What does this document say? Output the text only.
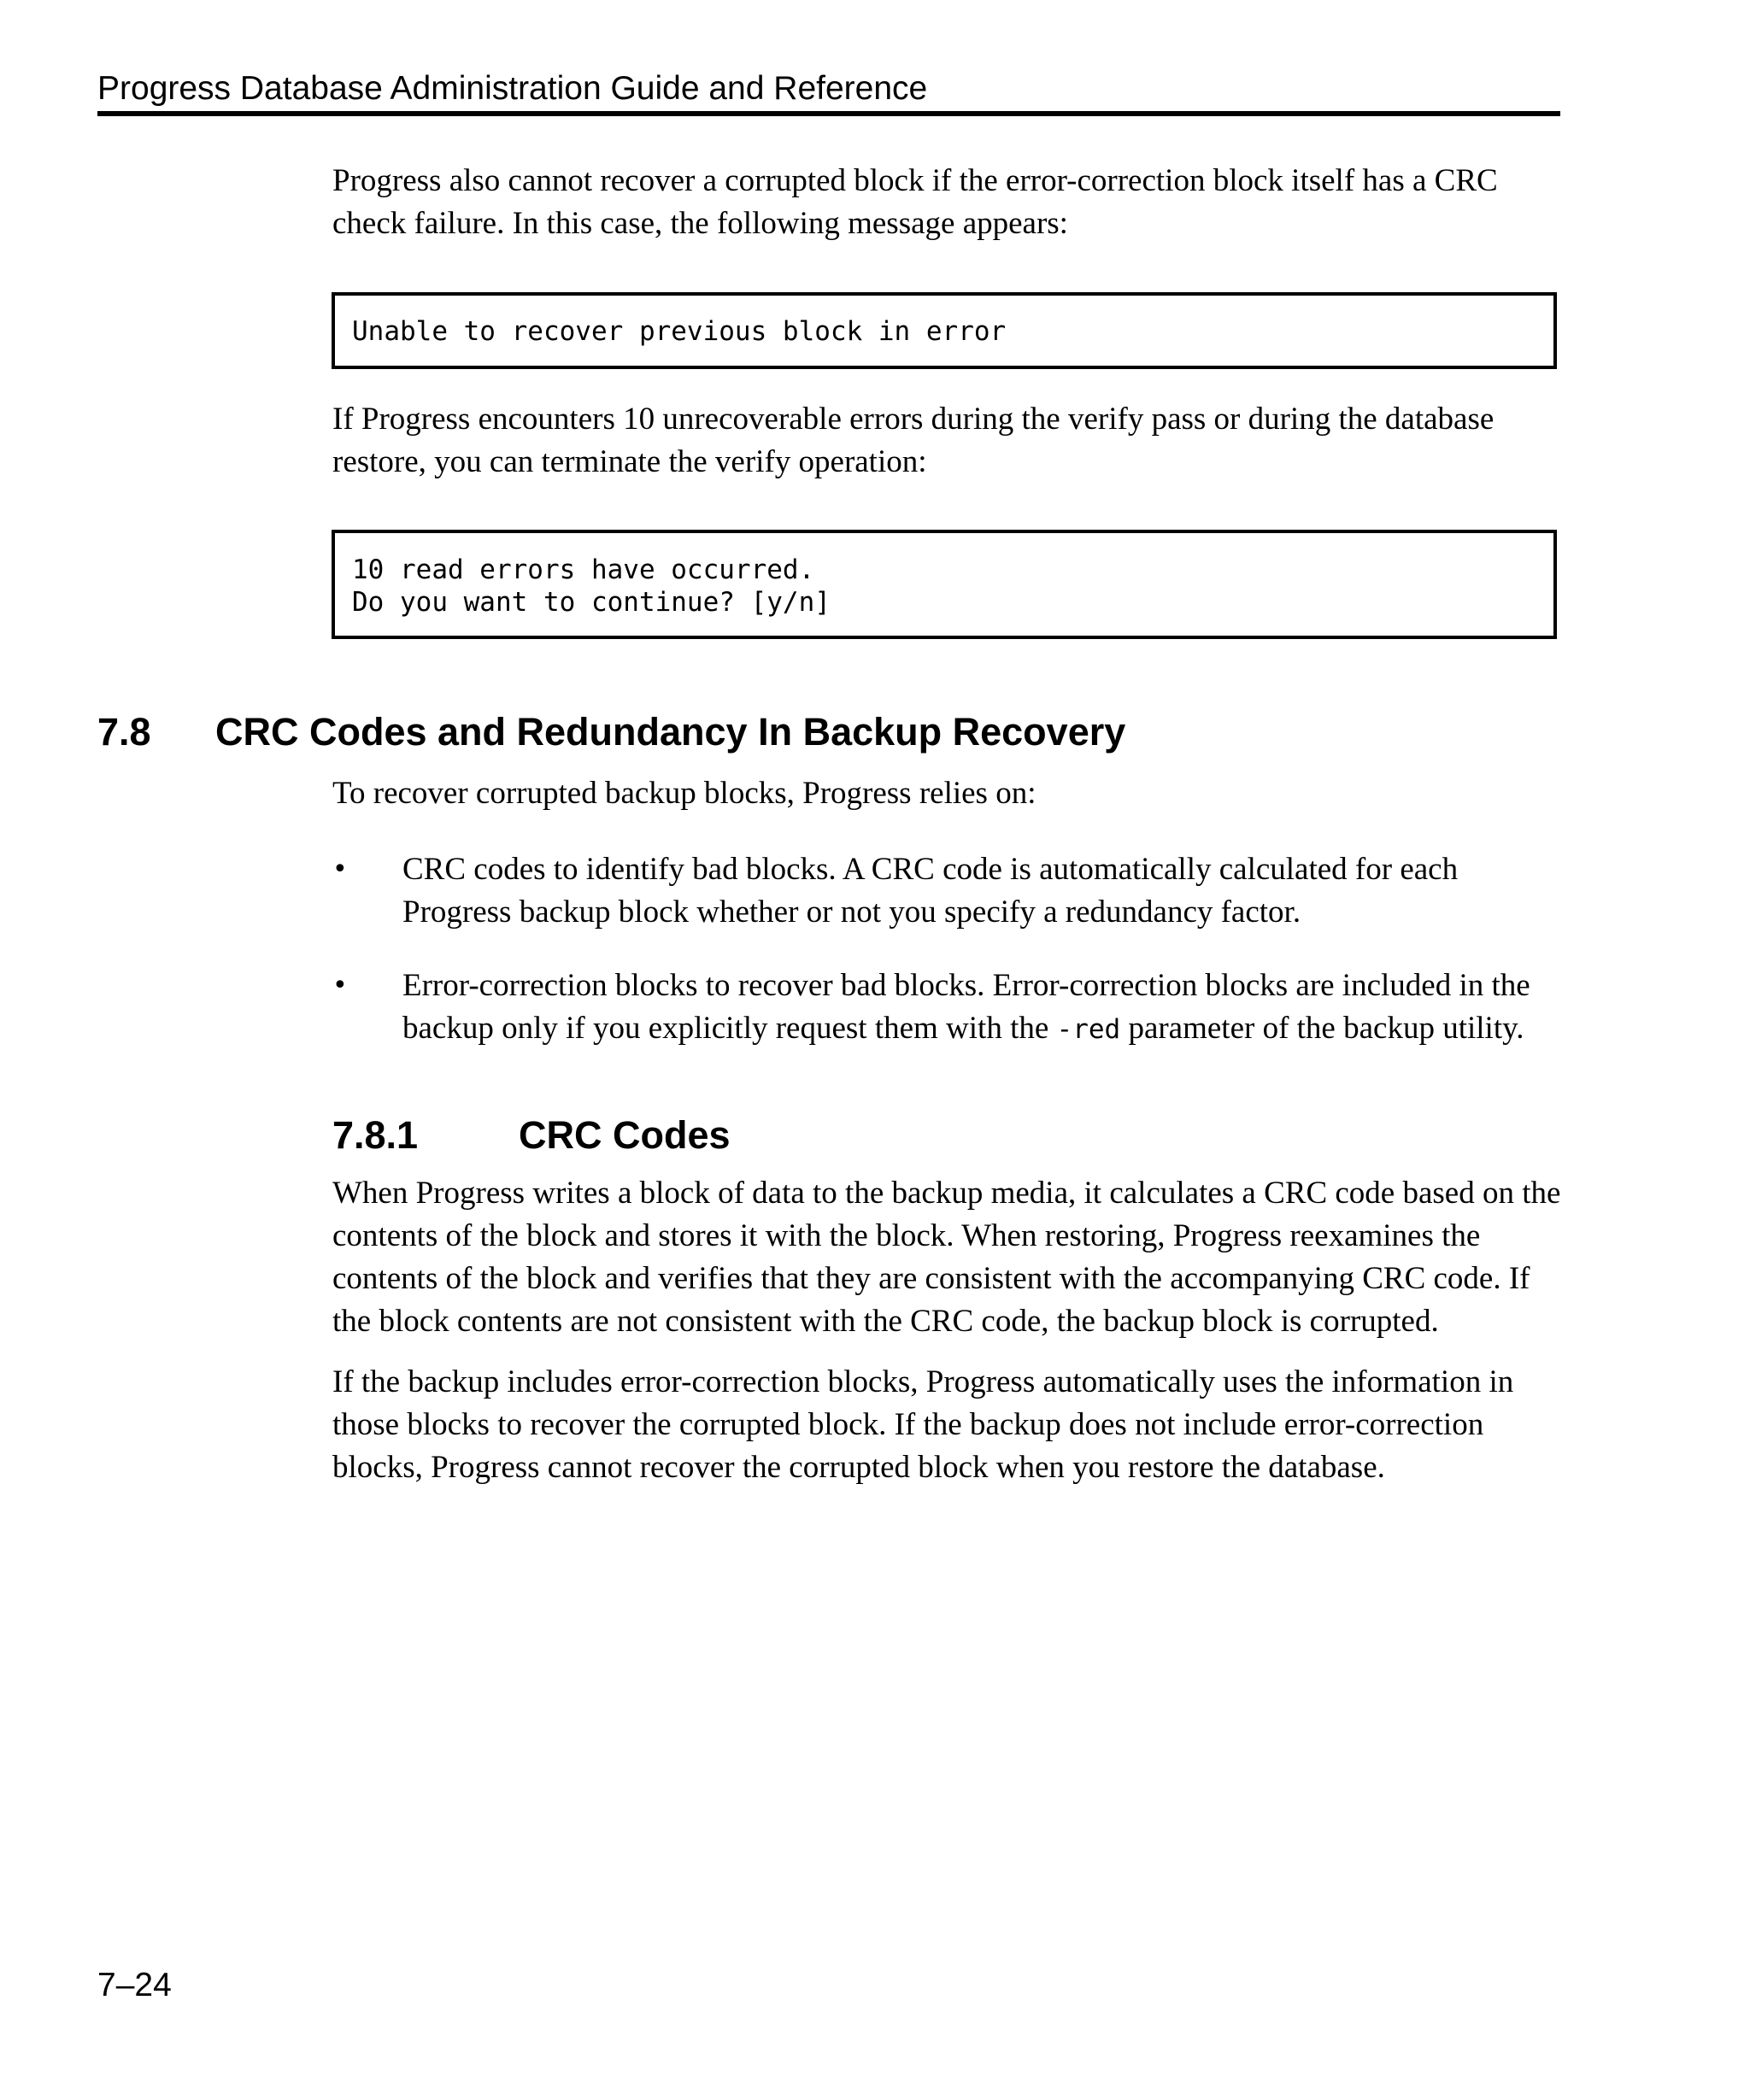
Progress Database Administration Guide and Reference

Progress also cannot recover a corrupted block if the error-correction block itself has a CRC check failure. In this case, the following message appears:

Unable to recover previous block in error

If Progress encounters 10 unrecoverable errors during the verify pass or during the database restore, you can terminate the verify operation:

10 read errors have occurred.
Do you want to continue? [y/n]
7.8 CRC Codes and Redundancy In Backup Recovery

To recover corrupted backup blocks, Progress relies on:

• CRC codes to identify bad blocks. A CRC code is automatically calculated for each Progress backup block whether or not you specify a redundancy factor.

• Error-correction blocks to recover bad blocks. Error-correction blocks are included in the backup only if you explicitly request them with the -red parameter of the backup utility.

7.8.1	CRC Codes

When Progress writes a block of data to the backup media, it calculates a CRC code based on the contents of the block and stores it with the block. When restoring, Progress reexamines the contents of the block and verifies that they are consistent with the accompanying CRC code. If the block contents are not consistent with the CRC code, the backup block is corrupted.

If the backup includes error-correction blocks, Progress automatically uses the information in those blocks to recover the corrupted block. If the backup does not include error-correction blocks, Progress cannot recover the corrupted block when you restore the database.

7–24
